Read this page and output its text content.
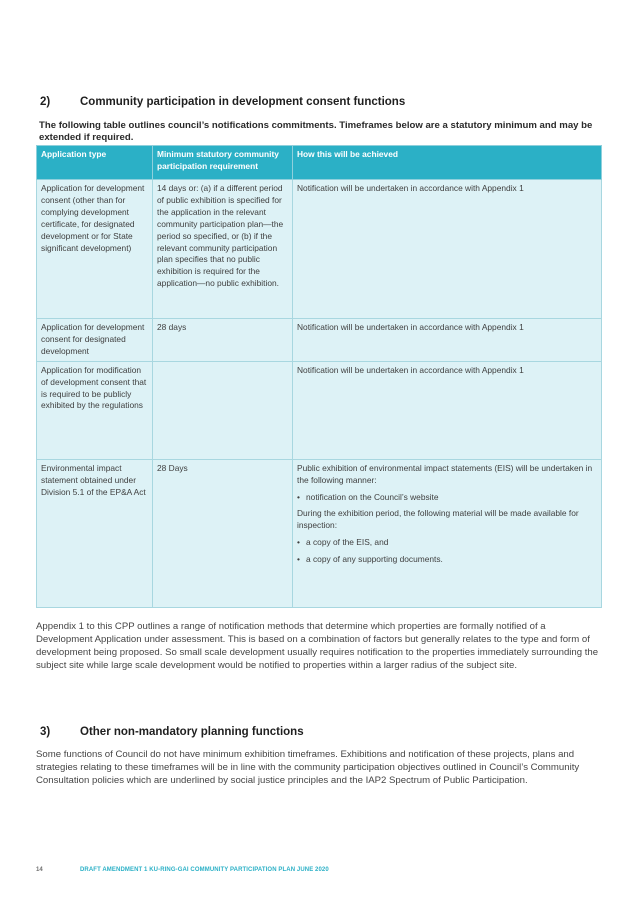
2)	Community participation in development consent functions
The following table outlines council’s notifications commitments. Timeframes below are a statutory minimum and may be extended if required.
Application type	Minimum statutory community participation requirement	How this will be achieved
Application for development consent (other than for complying development certificate, for designated development or for State significant development)	14 days or: (a) if a different period of public exhibition is specified for the application in the relevant community participation plan—the period so specified, or (b) if the relevant community participation plan specifies that no public exhibition is required for the application—no public exhibition.	Notification will be undertaken in accordance with Appendix 1
Application for development consent for designated development	28 days	Notification will be undertaken in accordance with Appendix 1
Application for modification of development consent that is required to be publicly exhibited by the regulations		Notification will be undertaken in accordance with Appendix 1
Environmental impact statement obtained under Division 5.1 of the EP&A Act	28 Days	Public exhibition of environmental impact statements (EIS) will be undertaken in the following manner:

• notification on the Council’s website

During the exhibition period, the following material will be made available for inspection:

• a copy of the EIS, and

• a copy of any supporting documents.

Appendix 1 to this CPP outlines a range of notification methods that determine which properties are formally notified of a Development Application under assessment. This is based on a combination of factors but generally relates to the type and form of development being proposed. So small scale development usually requires notification to the properties immediately surrounding the subject site while large scale development would be notified to properties within a larger radius of the subject site.
3)	Other non-mandatory planning functions
Some functions of Council do not have minimum exhibition timeframes. Exhibitions and notification of these projects, plans and strategies relating to these timeframes will be in line with the community participation objectives outlined in Council’s Community Consultation policies which are underlined by social justice principles and the IAP2 Spectrum of Public Participation.
14	DRAFT AMENDMENT 1 KU-RING-GAI COMMUNITY PARTICIPATION PLAN JUNE 2020
